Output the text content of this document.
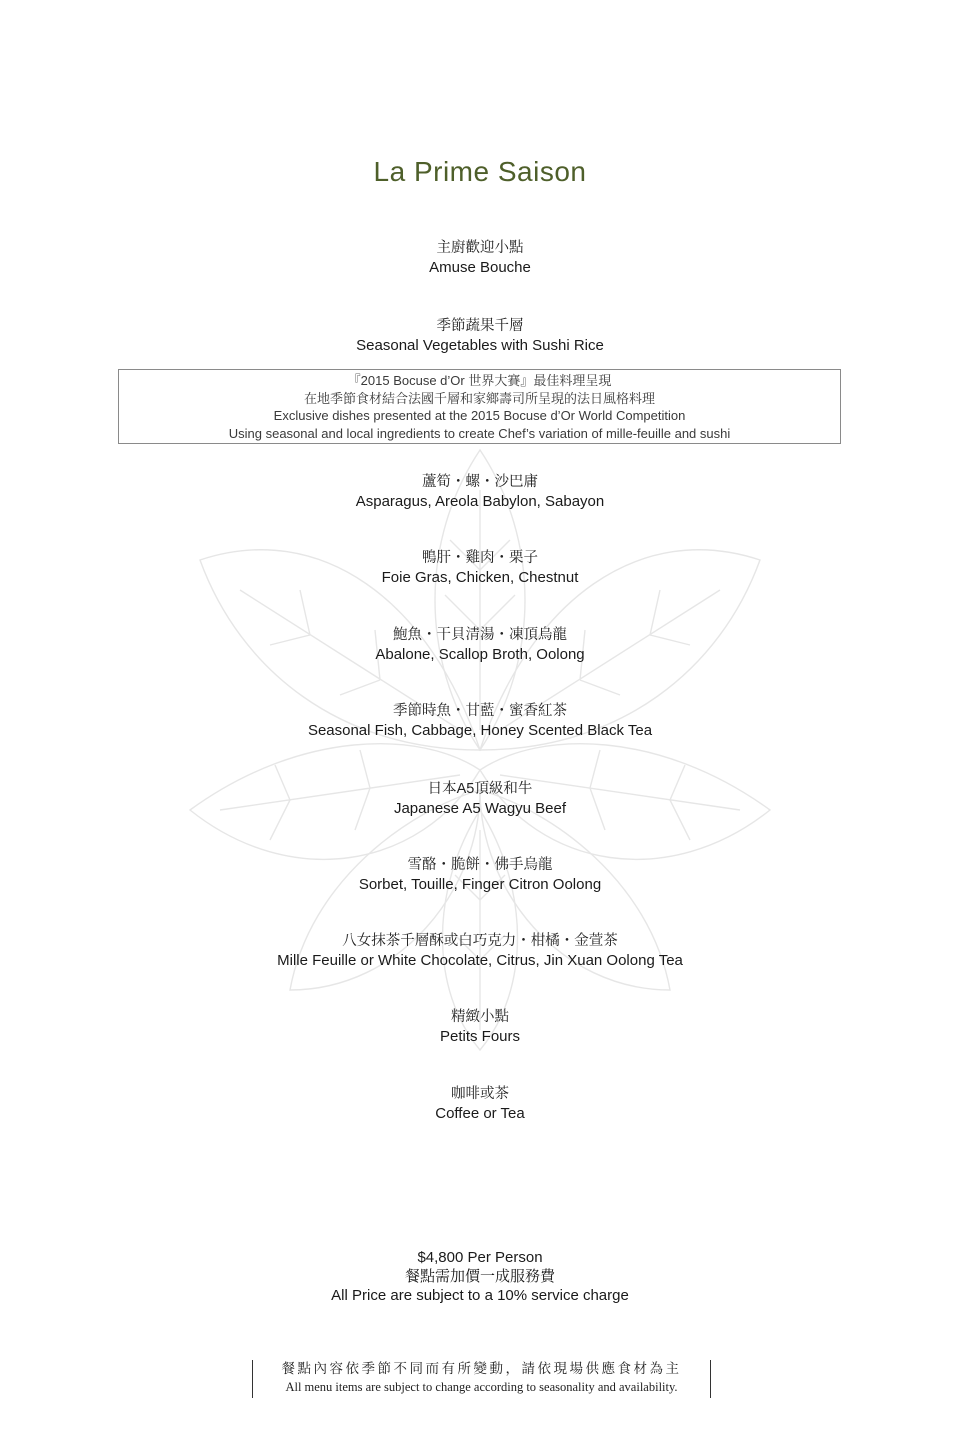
La Prime Saison
主廚歡迎小點
Amuse Bouche
季節蔬果千層
Seasonal Vegetables with Sushi Rice
『2015 Bocuse d’Or 世界大賽』最佳料理呈現
在地季節食材結合法國千層和家鄉壽司所呈現的法日風格料理
Exclusive dishes presented at the 2015 Bocuse d’Or World Competition
Using seasonal and local ingredients to create Chef’s variation of mille-feuille and sushi
蘆筍・螺・沙巴庸
Asparagus, Areola Babylon, Sabayon
鴨肝・雞肉・栗子
Foie Gras, Chicken, Chestnut
鮑魚・干貝清湯・凍頂烏龍
Abalone, Scallop Broth, Oolong
季節時魚・甘藍・蜜香紅茶
Seasonal Fish, Cabbage, Honey Scented Black Tea
日本A5頂級和牛
Japanese A5 Wagyu Beef
雪酪・脆餅・佛手烏龍
Sorbet, Touille, Finger Citron Oolong
八女抹茶千層酥或白巧克力・柑橘・金萱茶
Mille Feuille or White Chocolate, Citrus, Jin Xuan Oolong Tea
精緻小點
Petits Fours
咖啡或茶
Coffee or Tea
$4,800 Per Person
餐點需加價一成服務費
All Price are subject to a 10% service charge
餐點內容依季節不同而有所變動，請依現場供應食材為主
All menu items are subject to change according to seasonality and availability.
